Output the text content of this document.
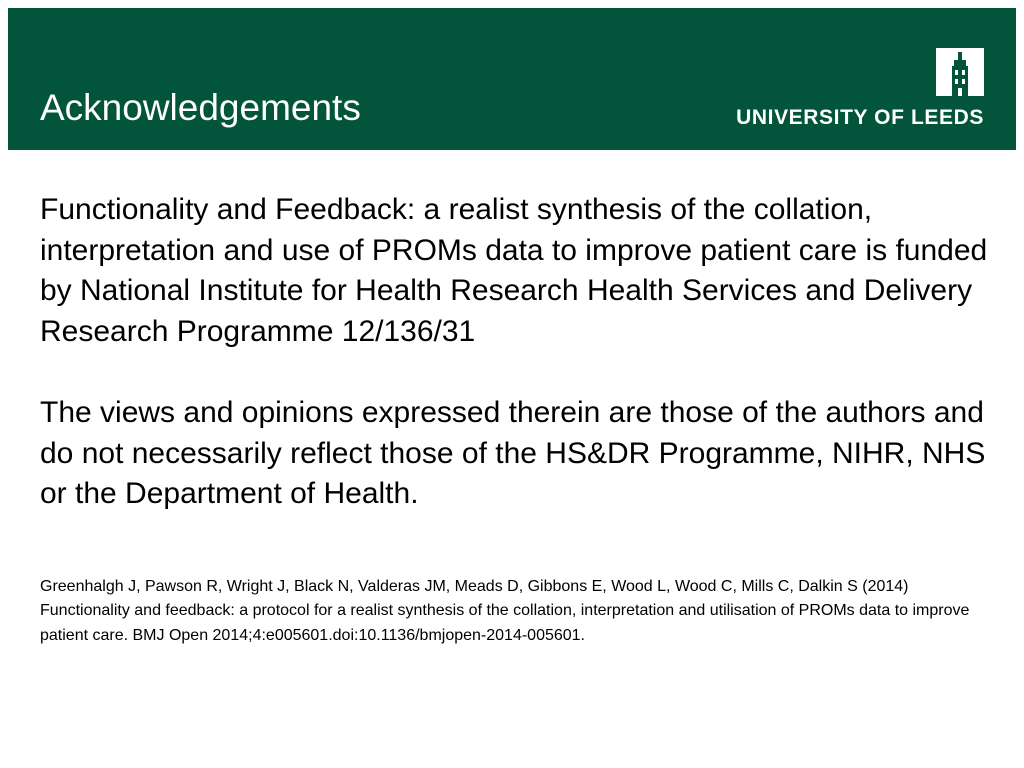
Acknowledgements	UNIVERSITY OF LEEDS

Functionality and Feedback: a realist synthesis of the collation, interpretation and use of PROMs data to improve patient care is funded by National Institute for Health Research Health Services and Delivery Research Programme 12/136/31

The views and opinions expressed therein are those of the authors and do not necessarily reflect those of the HS&DR Programme, NIHR, NHS or the Department of Health.

Greenhalgh J, Pawson R, Wright J, Black N, Valderas JM, Meads D, Gibbons E, Wood L, Wood C, Mills C, Dalkin S (2014) Functionality and feedback: a protocol for a realist synthesis of the collation, interpretation and utilisation of PROMs data to improve patient care. BMJ Open 2014;4:e005601.doi:10.1136/bmjopen-2014-005601.
